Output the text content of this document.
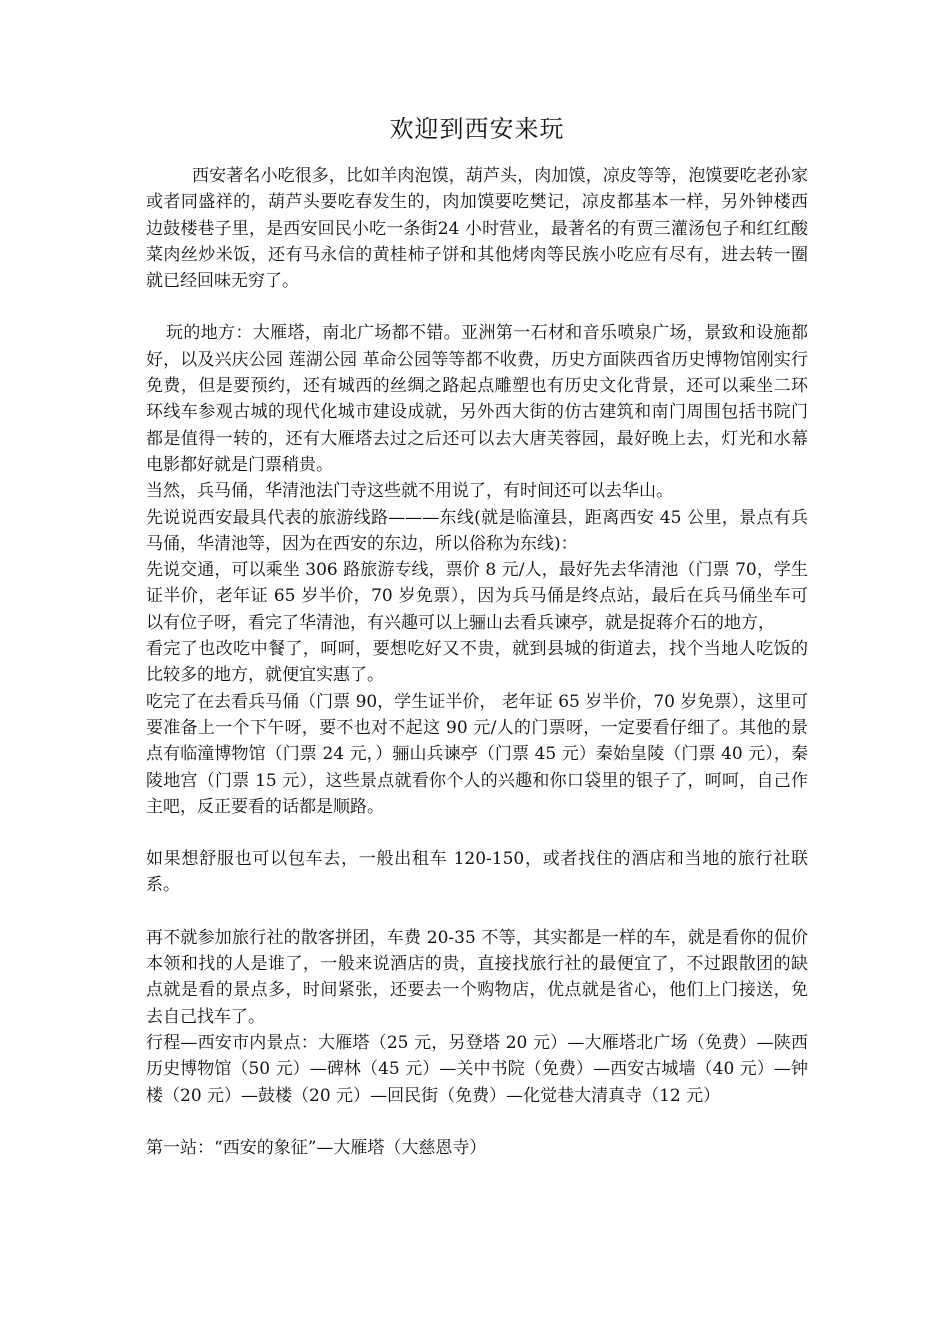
欢迎到西安来玩

西安著名小吃很多，比如羊肉泡馍，葫芦头，肉加馍，凉皮等等，泡馍要吃老孙家或者同盛祥的，葫芦头要吃春发生的，肉加馍要吃樊记，凉皮都基本一样，另外钟楼西边鼓楼巷子里，是西安回民小吃一条街24 小时营业，最著名的有贾三灌汤包子和红红酸菜肉丝炒米饭，还有马永信的黄桂柿子饼和其他烤肉等民族小吃应有尽有，进去转一圈就已经回味无穷了。

玩的地方：大雁塔，南北广场都不错。亚洲第一石材和音乐喷泉广场，景致和设施都好，以及兴庆公园 莲湖公园 革命公园等等都不收费，历史方面陕西省历史博物馆刚实行免费，但是要预约，还有城西的丝绸之路起点雕塑也有历史文化背景，还可以乘坐二环环线车参观古城的现代化城市建设成就，另外西大街的仿古建筑和南门周围包括书院门都是值得一转的，还有大雁塔去过之后还可以去大唐芙蓉园，最好晚上去，灯光和水幕电影都好就是门票稍贵。

当然，兵马俑，华清池法门寺这些就不用说了，有时间还可以去华山。

先说说西安最具代表的旅游线路———东线(就是临潼县，距离西安 45 公里，景点有兵马俑，华清池等，因为在西安的东边，所以俗称为东线)：

先说交通，可以乘坐 306 路旅游专线，票价 8 元/人，最好先去华清池（门票 70，学生证半价，老年证 65 岁半价，70 岁免票），因为兵马俑是终点站，最后在兵马俑坐车可以有位子呀，看完了华清池，有兴趣可以上骊山去看兵谏亭，就是捉蒋介石的地方，

看完了也改吃中餐了，呵呵，要想吃好又不贵，就到县城的街道去，找个当地人吃饭的比较多的地方，就便宜实惠了。

吃完了在去看兵马俑（门票 90，学生证半价， 老年证 65 岁半价，70 岁免票），这里可要准备上一个下午呀，要不也对不起这 90 元/人的门票呀，一定要看仔细了。其他的景点有临潼博物馆（门票 24 元，）骊山兵谏亭（门票 45 元）秦始皇陵（门票 40 元），秦陵地宫（门票 15 元），这些景点就看你个人的兴趣和你口袋里的银子了，呵呵，自己作主吧，反正要看的话都是顺路。

如果想舒服也可以包车去，一般出租车 120-150，或者找住的酒店和当地的旅行社联系。

再不就参加旅行社的散客拼团，车费 20-35 不等，其实都是一样的车，就是看你的侃价本领和找的人是谁了，一般来说酒店的贵，直接找旅行社的最便宜了，不过跟散团的缺点就是看的景点多，时间紧张，还要去一个购物店，优点就是省心，他们上门接送，免去自己找车了。

行程—西安市内景点：大雁塔（25 元，另登塔 20 元）—大雁塔北广场（免费）—陕西历史博物馆（50 元）—碑林（45 元）—关中书院（免费）—西安古城墙（40 元）—钟楼（20 元）—鼓楼（20 元）—回民街（免费）—化觉巷大清真寺（12 元）

第一站：“西安的象征”—大雁塔（大慈恩寺）
